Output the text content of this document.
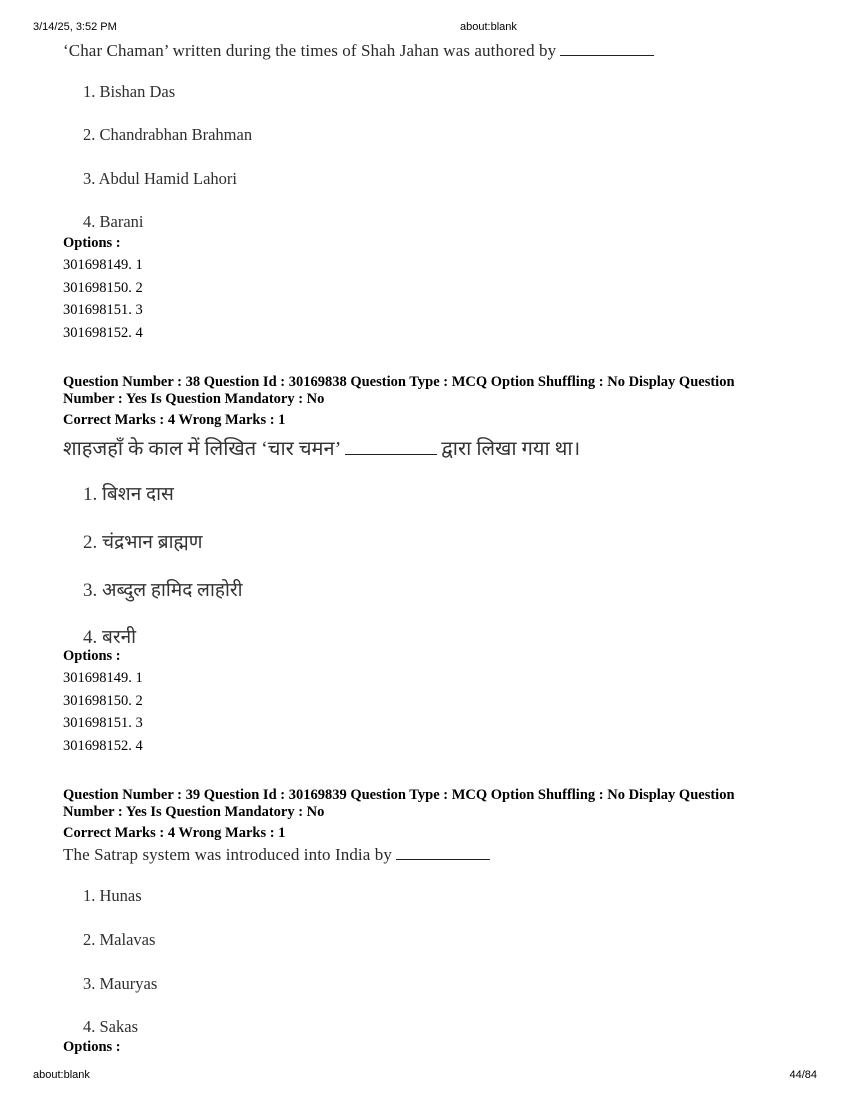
3/14/25, 3:52 PM	about:blank
‘Char Chaman’ written during the times of Shah Jahan was authored by
1. Bishan Das
2. Chandrabhan Brahman
3. Abdul Hamid Lahori
4. Barani
Options :
301698149. 1
301698150. 2
301698151. 3
301698152. 4
Question Number : 38 Question Id : 30169838 Question Type : MCQ Option Shuffling : No Display Question
Number : Yes Is Question Mandatory : No
Correct Marks : 4 Wrong Marks : 1
शाहजहाँ के काल में लिखित ‘चार चमन’	द्वारा लिखा गया था।
1. बिशन दास
2. चंद्रभान ब्राह्मण
3. अब्दुल हामिद लाहोरी
4. बरनी
Options :
301698149. 1
301698150. 2
301698151. 3
301698152. 4
Question Number : 39 Question Id : 30169839 Question Type : MCQ Option Shuffling : No Display Question
Number : Yes Is Question Mandatory : No
Correct Marks : 4 Wrong Marks : 1
The Satrap system was introduced into India by
1. Hunas
2. Malavas
3. Mauryas
4. Sakas
Options :
about:blank	44/84
